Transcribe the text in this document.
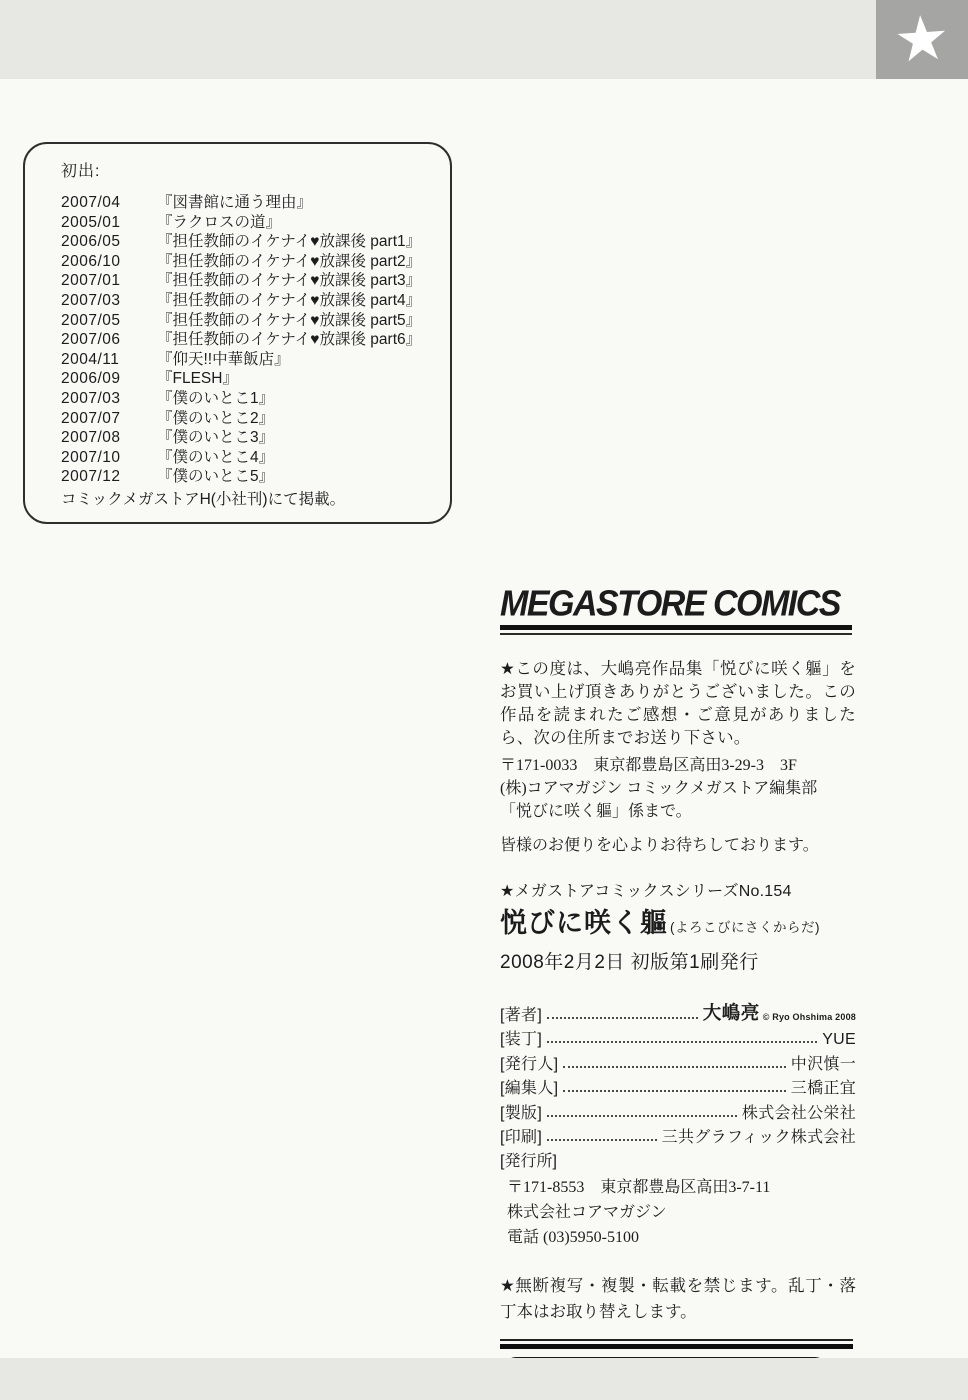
★
初出:
2007/04	『図書館に通う理由』
2005/01	『ラクロスの道』
2006/05	『担任教師のイケナイ♥放課後 part1』
2006/10	『担任教師のイケナイ♥放課後 part2』
2007/01	『担任教師のイケナイ♥放課後 part3』
2007/03	『担任教師のイケナイ♥放課後 part4』
2007/05	『担任教師のイケナイ♥放課後 part5』
2007/06	『担任教師のイケナイ♥放課後 part6』
2004/11	『仰天!!中華飯店』
2006/09	『FLESH』
2007/03	『僕のいとこ1』
2007/07	『僕のいとこ2』
2007/08	『僕のいとこ3』
2007/10	『僕のいとこ4』
2007/12	『僕のいとこ5』
コミックメガストアH(小社刊)にて掲載。
MEGASTORE COMICS

★この度は、大嶋亮作品集「悦びに咲く軀」をお買い上げ頂きありがとうございました。この作品を読まれたご感想・ご意見がありましたら、次の住所までお送り下さい。

〒171-0033　東京都豊島区高田3-29-3　3F
(株)コアマガジン コミックメガストア編集部
「悦びに咲く軀」係まで。

皆様のお便りを心よりお待ちしております。

★メガストアコミックスシリーズNo.154
悦びに咲く軀 (よろこびにさくからだ)
2008年2月2日 初版第1刷発行
[著者]	大嶋亮 © Ryo Ohshima 2008
[装丁]	YUE
[発行人]	中沢慎一
[編集人]	三橋正宜
[製版]	株式会社公栄社
[印刷]	三共グラフィック株式会社
[発行所]
〒171-8553　東京都豊島区高田3-7-11
株式会社コアマガジン
電話 (03)5950-5100

★無断複写・複製・転載を禁じます。乱丁・落丁本はお取り替えします。
